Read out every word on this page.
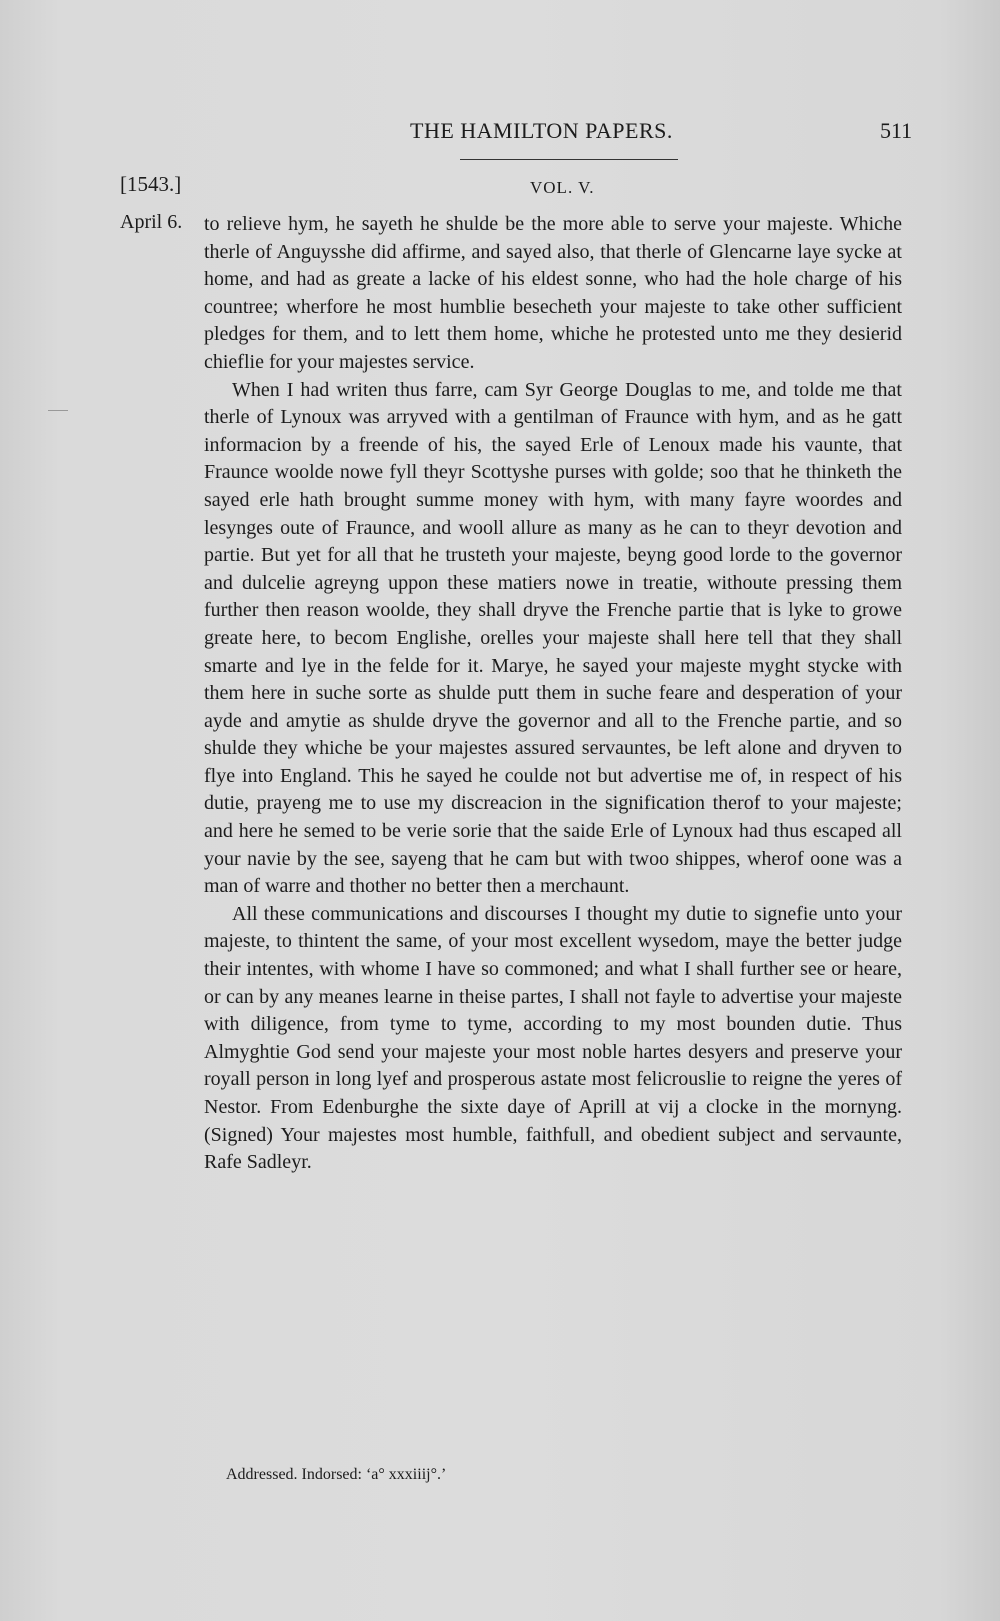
THE HAMILTON PAPERS.	511
[1543.]	VOL. V.
April 6. to relieve hym, he sayeth he shulde be the more able to serve your majeste. Whiche therle of Anguysshe did affirme, and sayed also, that therle of Glencarne laye sycke at home, and had as greate a lacke of his eldest sonne, who had the hole charge of his countree; wherfore he most humblie besecheth your majeste to take other sufficient pledges for them, and to lett them home, whiche he protested unto me they desierid chieflie for your majestes service.

When I had writen thus farre, cam Syr George Douglas to me, and tolde me that therle of Lynoux was arryved with a gentilman of Fraunce with hym, and as he gatt informacion by a freende of his, the sayed Erle of Lenoux made his vaunte, that Fraunce woolde nowe fyll theyr Scottyshe purses with golde; soo that he thinketh the sayed erle hath brought summe money with hym, with many fayre woordes and lesynges oute of Fraunce, and wooll allure as many as he can to theyr devotion and partie. But yet for all that he trusteth your majeste, beyng good lorde to the governor and dulcelie agreyng uppon these matiers nowe in treatie, withoute pressing them further then reason woolde, they shall dryve the Frenche partie that is lyke to growe greate here, to becom Englishe, orelles your majeste shall here tell that they shall smarte and lye in the felde for it. Marye, he sayed your majeste myght stycke with them here in suche sorte as shulde putt them in suche feare and desperation of your ayde and amytie as shulde dryve the governor and all to the Frenche partie, and so shulde they whiche be your majestes assured servauntes, be left alone and dryven to flye into England. This he sayed he coulde not but advertise me of, in respect of his dutie, prayeng me to use my discreacion in the signification therof to your majeste; and here he semed to be verie sorie that the saide Erle of Lynoux had thus escaped all your navie by the see, sayeng that he cam but with twoo shippes, wherof oone was a man of warre and thother no better then a merchaunt.

All these communications and discourses I thought my dutie to signefie unto your majeste, to thintent the same, of your most excellent wysedom, maye the better judge their intentes, with whome I have so commoned; and what I shall further see or heare, or can by any meanes learne in theise partes, I shall not fayle to advertise your majeste with diligence, from tyme to tyme, according to my most bounden dutie. Thus Almyghtie God send your majeste your most noble hartes desyers and preserve your royall person in long lyef and prosperous astate most felicrouslie to reigne the yeres of Nestor. From Edenburghe the sixte daye of Aprill at vij a clocke in the mornyng. (Signed) Your majestes most humble, faithfull, and obedient subject and servaunte, Rafe Sadleyr.

Addressed. Indorsed: ‘a° xxxiiij°.’
